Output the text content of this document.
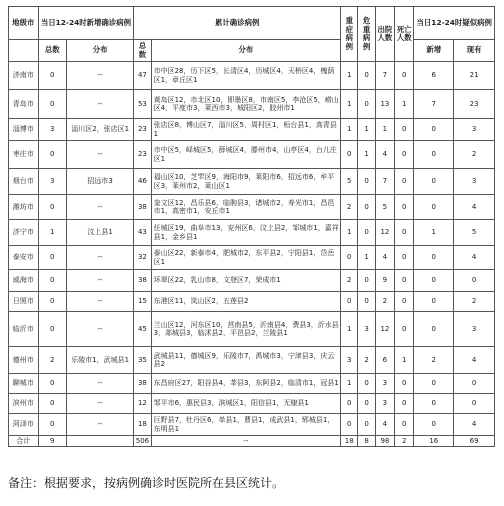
地级市	当日12-24时新增确诊病例		累计确诊病例		重症病例	危重病例	出院人数	死亡人数	当日12-24时疑似病例	

	总数	分布	总数	分布					新增	现有
济南市	0	--	47	市中区28，历下区5，长清区4，历城区4，天桥区4，槐荫区1，章丘区1	1	0	7	0	6	21
青岛市	0	--	53	黄岛区12，市北区10，即墨区8，市南区5，李沧区5，崂山区4，平度市3，莱西市3，城阳区2，胶州市1	1	0	13	1	7	23
淄博市	3	淄川区2，张店区1	23	张店区8，博山区7，淄川区5，周村区1，桓台县1，高青县1	1	1	1	0	0	3
枣庄市	0	--	23	市中区5，峄城区5，薛城区4，滕州市4，山亭区4，台儿庄区1	0	1	4	0	0	2
烟台市	3	招远市3	46	福山区10，芝罘区9，海阳市9，莱阳市6，招远市6，牟平区3，莱州市2，莱山区1	5	0	7	0	0	3
潍坊市	0	--	38	奎文区12，昌乐县6，临朐县3，诸城市2，寿光市1，昌邑市1，高密市1，安丘市1	2	0	5	0	0	4
济宁市	1	汶上县1	43	任城区19，曲阜市13，兖州区6，汶上县2，邹城市1，嘉祥县1，金乡县1	1	0	12	0	1	5
泰安市	0	--	32	泰山区22，新泰市4，肥城市2，东平县2，宁阳县1，岱岳区1	0	1	4	0	0	4
威海市	0	--	38	环翠区22，乳山市8，文登区7，荣成市1	2	0	9	0	0	0
日照市	0	--	15	东港区11，岚山区2，五莲县2	0	0	2	0	0	2
临沂市	0	--	45	兰山区12，河东区10，莒南县5，沂南县4，费县3，沂水县3，郯城县3，临沭县2，平邑县2，兰陵县1	1	3	12	0	0	3
德州市	2	乐陵市1，武城县1	35	武城县11，德城区9，乐陵市7，禹城市3，宁津县3，庆云县2	3	2	6	1	2	4
聊城市	0	--	38	东昌府区27，阳谷县4，莘县3，东阿县2，临清市1，冠县1	1	0	3	0	0	0
滨州市	0	--	12	邹平市6，惠民县3，滨城区1，阳信县1，无棣县1	0	0	3	0	0	0
菏泽市	0	--	18	巨野县7，牡丹区6，单县1，曹县1，成武县1，郓城县1，东明县1	0	0	4	0	0	4
合计	9		506	--	18	8	98	2	16	69
备注：根据要求，按病例确诊时医院所在县区统计。
